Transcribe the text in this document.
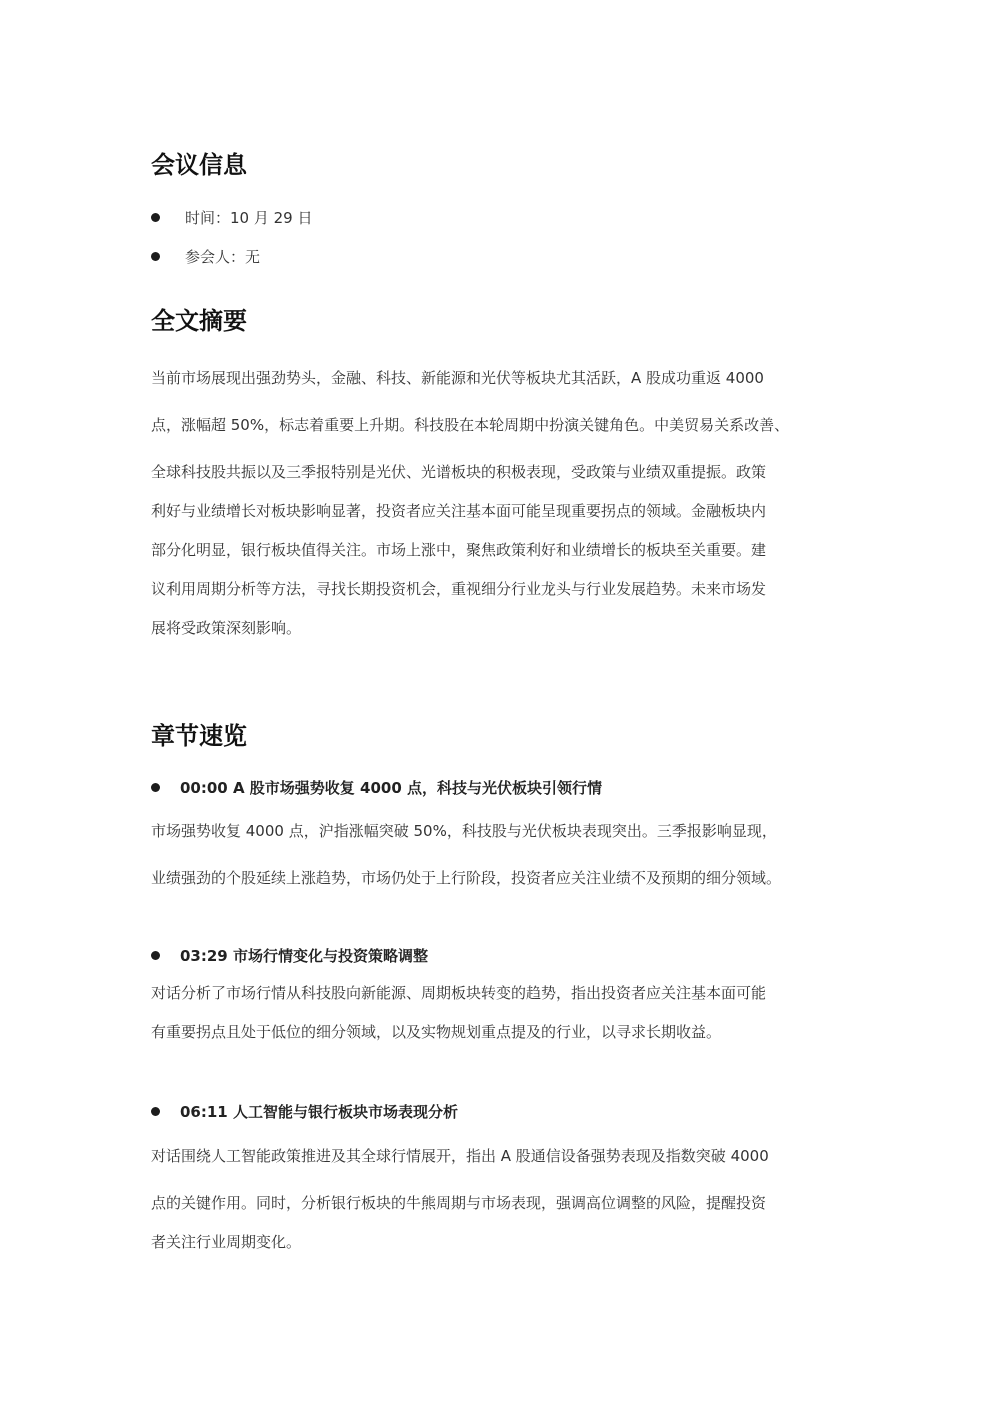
会议信息
时间：10 月 29 日
参会人：无
全文摘要
当前市场展现出强劲势头，金融、科技、新能源和光伏等板块尤其活跃，A 股成功重返 4000
点，涨幅超 50%，标志着重要上升期。科技股在本轮周期中扮演关键角色。中美贸易关系改善、
全球科技股共振以及三季报特别是光伏、光谱板块的积极表现，受政策与业绩双重提振。政策
利好与业绩增长对板块影响显著，投资者应关注基本面可能呈现重要拐点的领域。金融板块内
部分化明显，银行板块值得关注。市场上涨中，聚焦政策利好和业绩增长的板块至关重要。建
议利用周期分析等方法，寻找长期投资机会，重视细分行业龙头与行业发展趋势。未来市场发
展将受政策深刻影响。
章节速览
00:00 A 股市场强势收复 4000 点，科技与光伏板块引领行情
市场强势收复 4000 点，沪指涨幅突破 50%，科技股与光伏板块表现突出。三季报影响显现，
业绩强劲的个股延续上涨趋势，市场仍处于上行阶段，投资者应关注业绩不及预期的细分领域。
03:29 市场行情变化与投资策略调整
对话分析了市场行情从科技股向新能源、周期板块转变的趋势，指出投资者应关注基本面可能
有重要拐点且处于低位的细分领域，以及实物规划重点提及的行业，以寻求长期收益。
06:11 人工智能与银行板块市场表现分析
对话围绕人工智能政策推进及其全球行情展开，指出 A 股通信设备强势表现及指数突破 4000
点的关键作用。同时，分析银行板块的牛熊周期与市场表现，强调高位调整的风险，提醒投资
者关注行业周期变化。
